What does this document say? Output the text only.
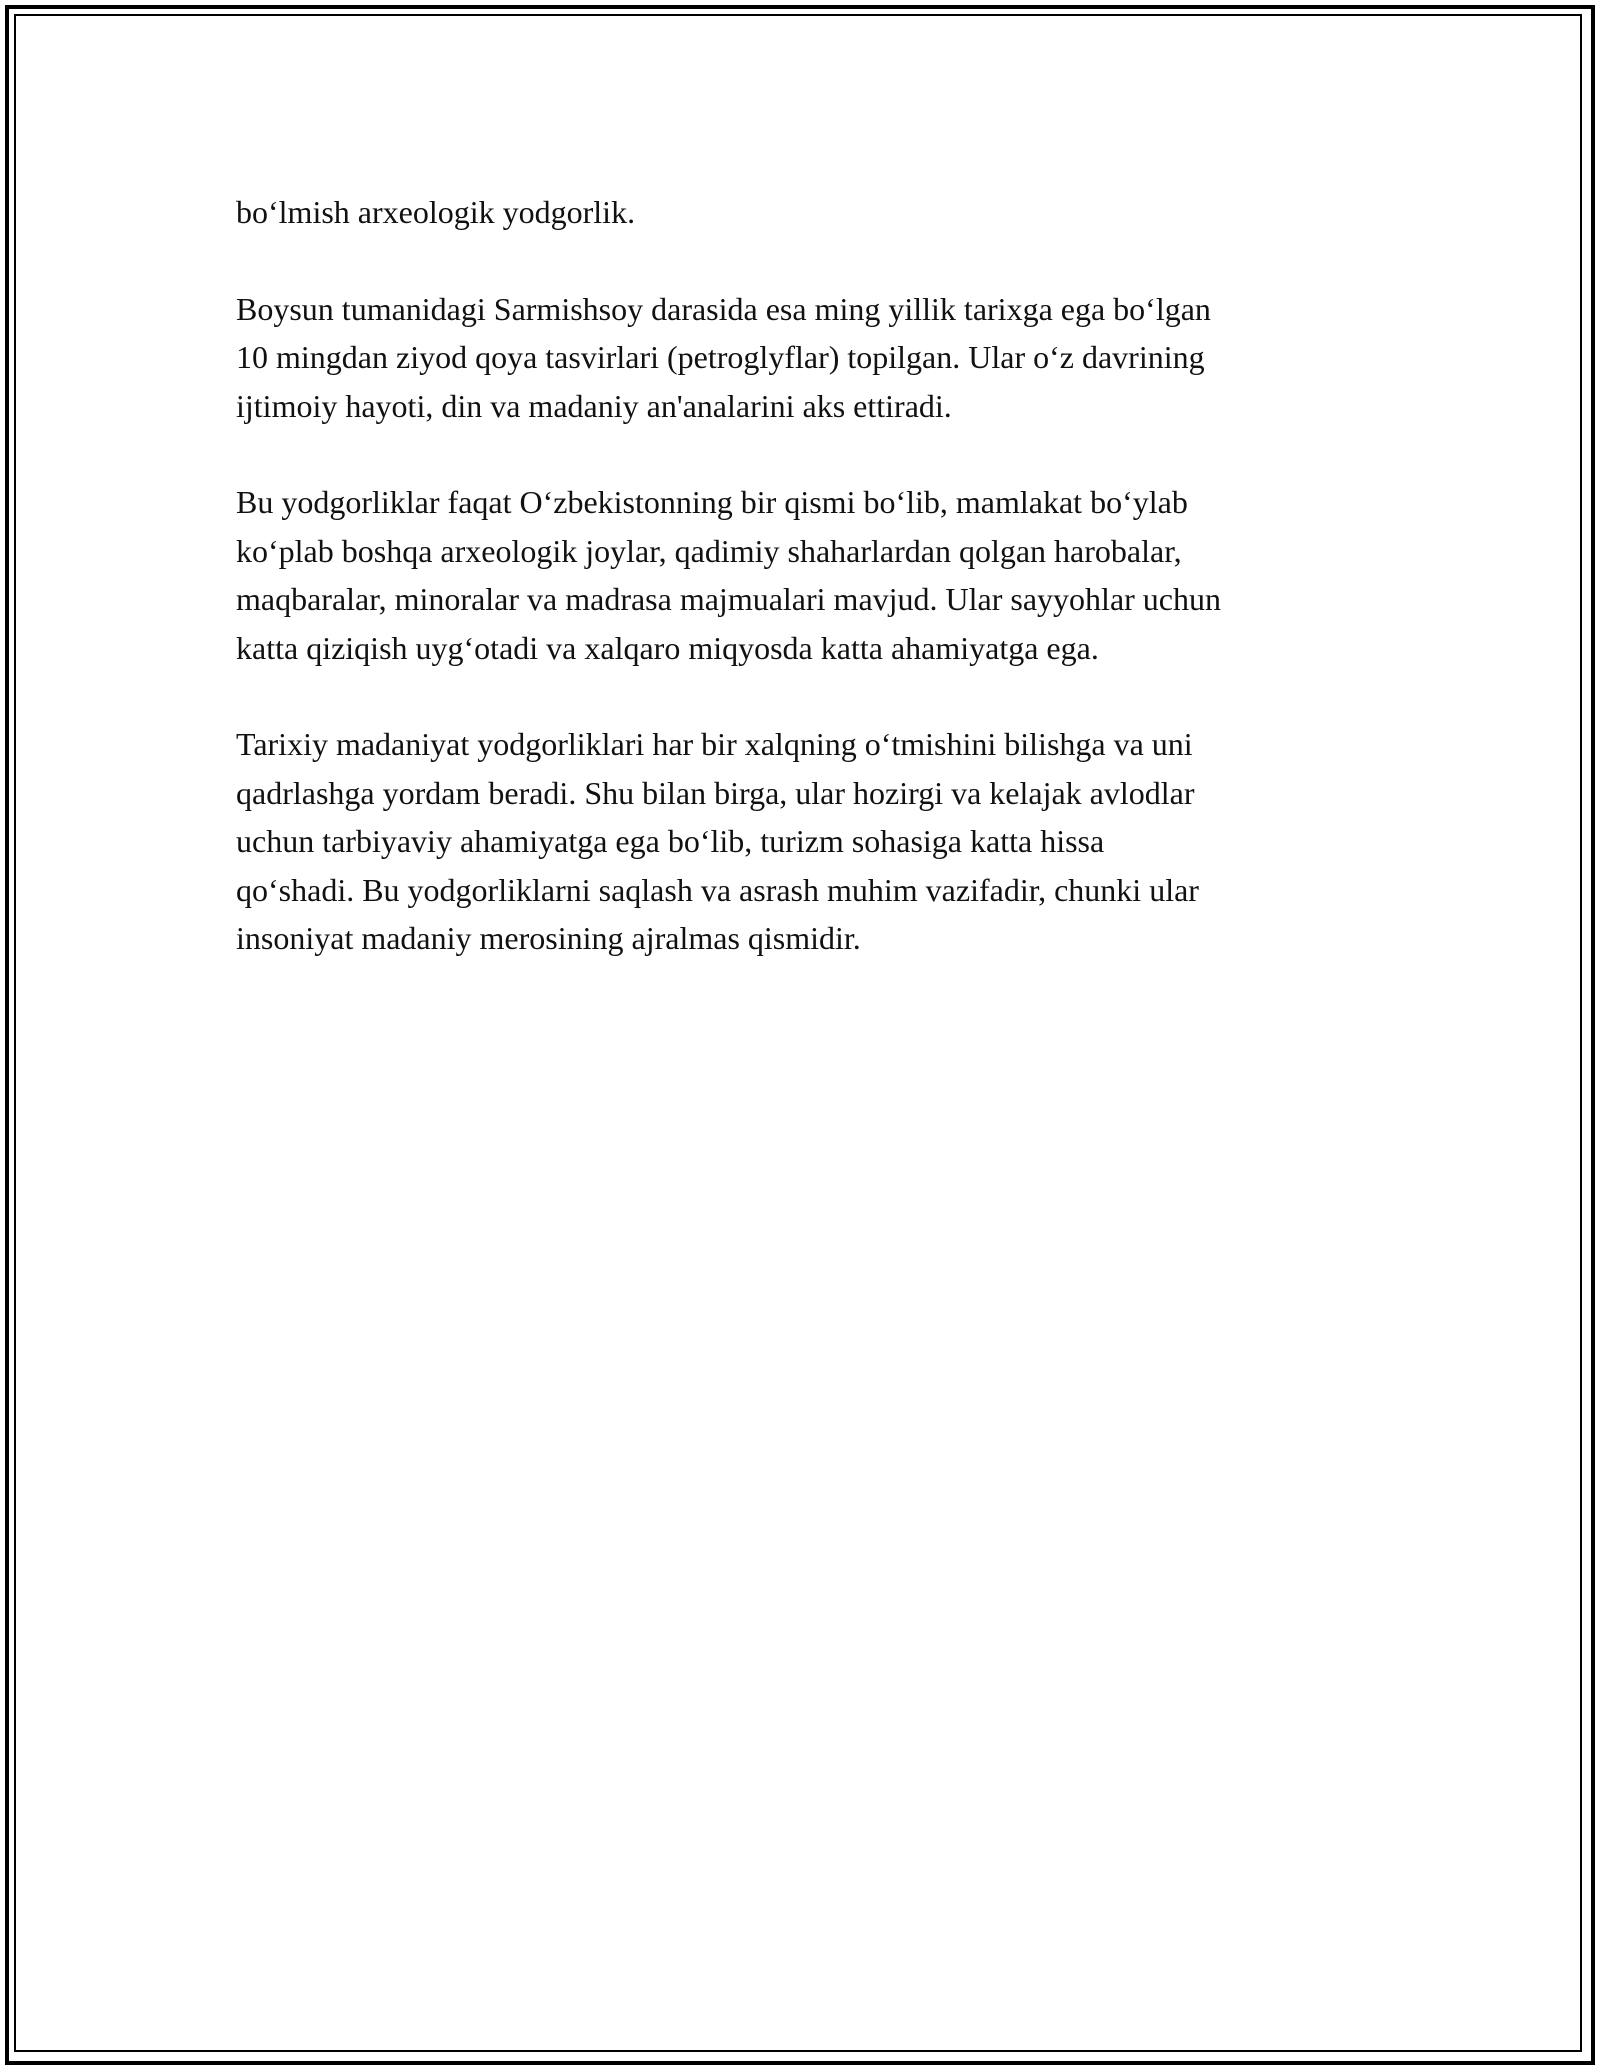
bo‘lmish arxeologik yodgorlik.

Boysun tumanidagi Sarmishsoy darasida esa ming yillik tarixga ega bo‘lgan
10 mingdan ziyod qoya tasvirlari (petroglyflar) topilgan. Ular o‘z davrining
ijtimoiy hayoti, din va madaniy an'analarini aks ettiradi.

Bu yodgorliklar faqat O‘zbekistonning bir qismi bo‘lib, mamlakat bo‘ylab
ko‘plab boshqa arxeologik joylar, qadimiy shaharlardan qolgan harobalar,
maqbaralar, minoralar va madrasa majmualari mavjud. Ular sayyohlar uchun
katta qiziqish uyg‘otadi va xalqaro miqyosda katta ahamiyatga ega.

Tarixiy madaniyat yodgorliklari har bir xalqning o‘tmishini bilishga va uni
qadrlashga yordam beradi. Shu bilan birga, ular hozirgi va kelajak avlodlar
uchun tarbiyaviy ahamiyatga ega bo‘lib, turizm sohasiga katta hissa
qo‘shadi. Bu yodgorliklarni saqlash va asrash muhim vazifadir, chunki ular
insoniyat madaniy merosining ajralmas qismidir.
